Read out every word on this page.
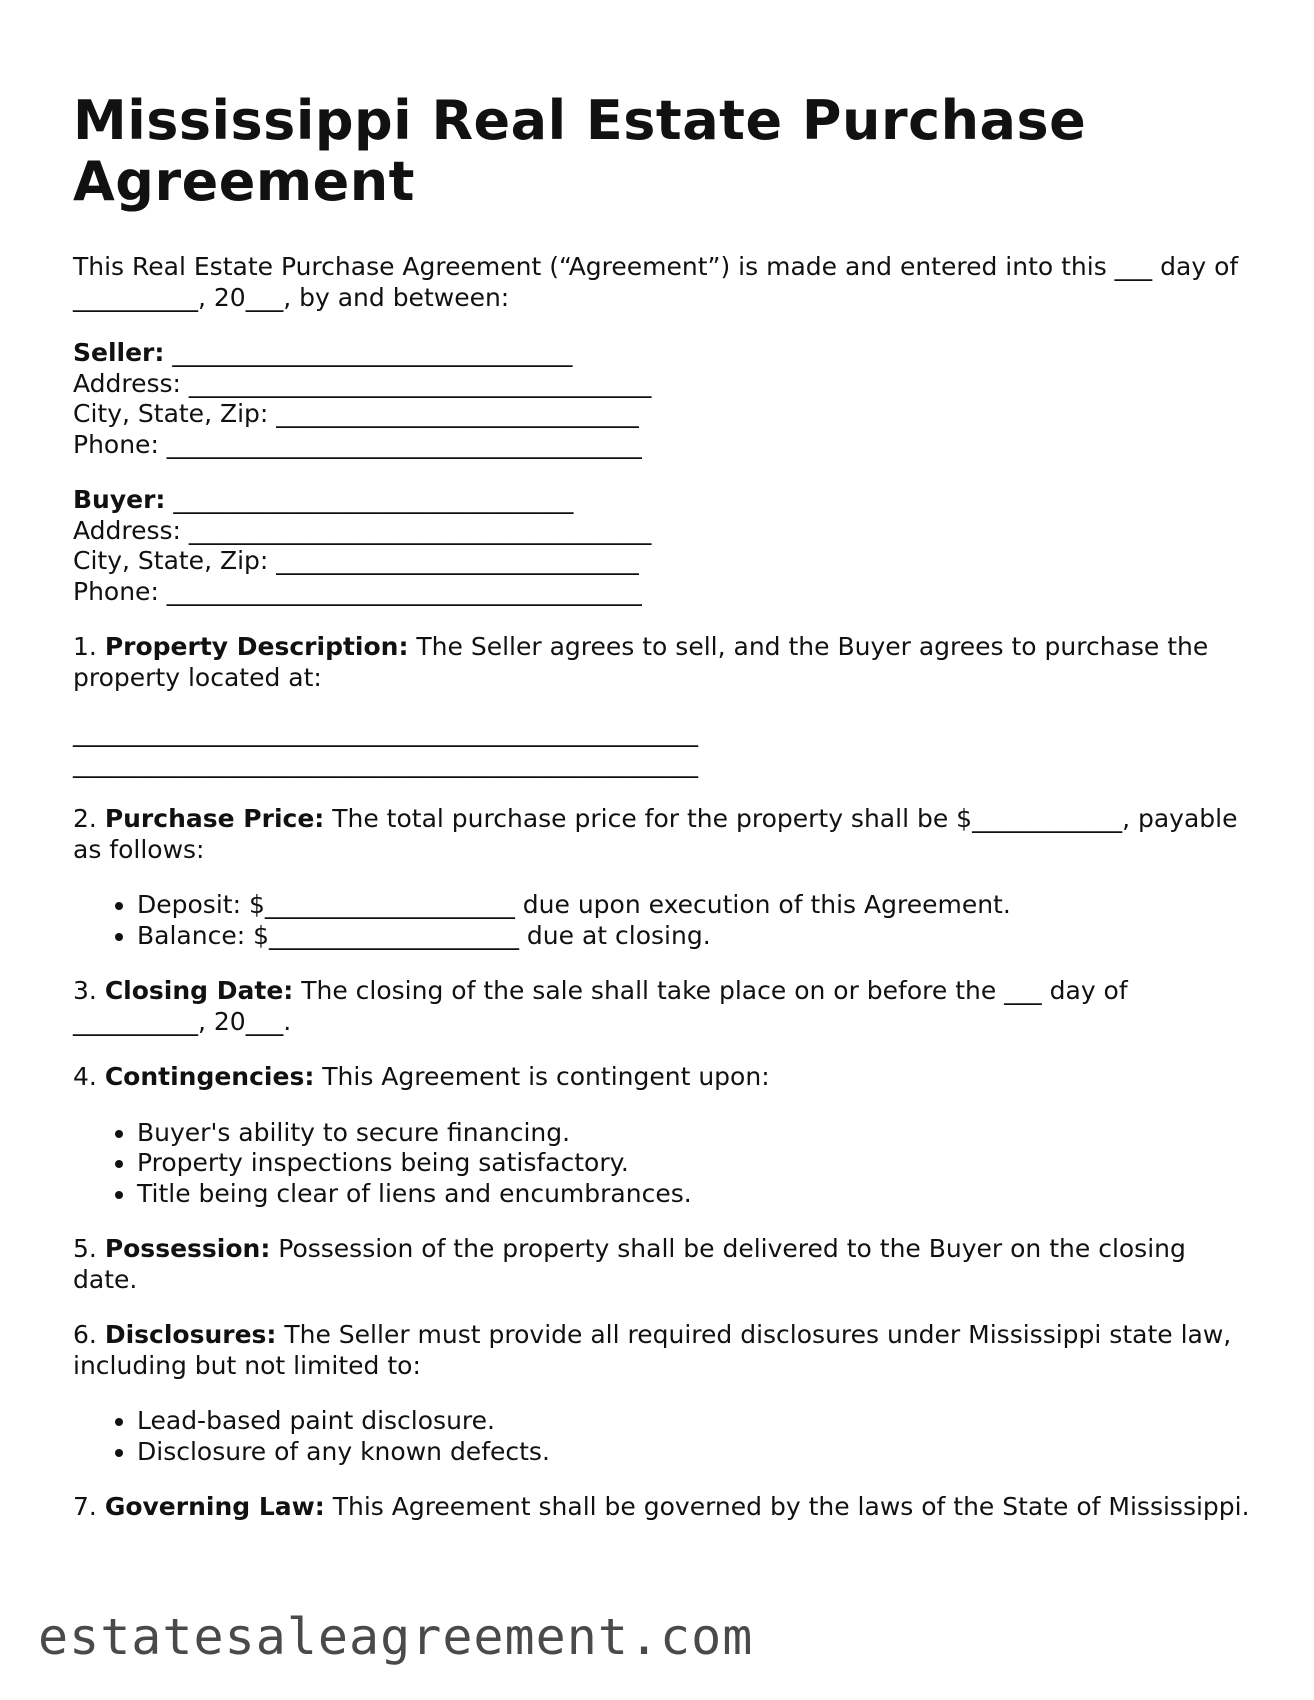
Mississippi Real Estate Purchase Agreement

This Real Estate Purchase Agreement (“Agreement”) is made and entered into this ___ day of __________, 20___, by and between:

Seller: ________________________________

Address: _____________________________________

City, State, Zip: _____________________________

Phone: ______________________________________

Buyer: ________________________________

Address: _____________________________________

City, State, Zip: _____________________________

Phone: ______________________________________

1. Property Description: The Seller agrees to sell, and the Buyer agrees to purchase the property located at:

__________________________________________________

__________________________________________________

2. Purchase Price: The total purchase price for the property shall be $____________, payable as follows:

• Deposit: $____________________ due upon execution of this Agreement.
• Balance: $____________________ due at closing.

3. Closing Date: The closing of the sale shall take place on or before the ___ day of __________, 20___.

4. Contingencies: This Agreement is contingent upon:

• Buyer's ability to secure financing.
• Property inspections being satisfactory.
• Title being clear of liens and encumbrances.

5. Possession: Possession of the property shall be delivered to the Buyer on the closing date.

6. Disclosures: The Seller must provide all required disclosures under Mississippi state law, including but not limited to:

• Lead-based paint disclosure.
• Disclosure of any known defects.

7. Governing Law: This Agreement shall be governed by the laws of the State of Mississippi.

estatesaleagreement.com
